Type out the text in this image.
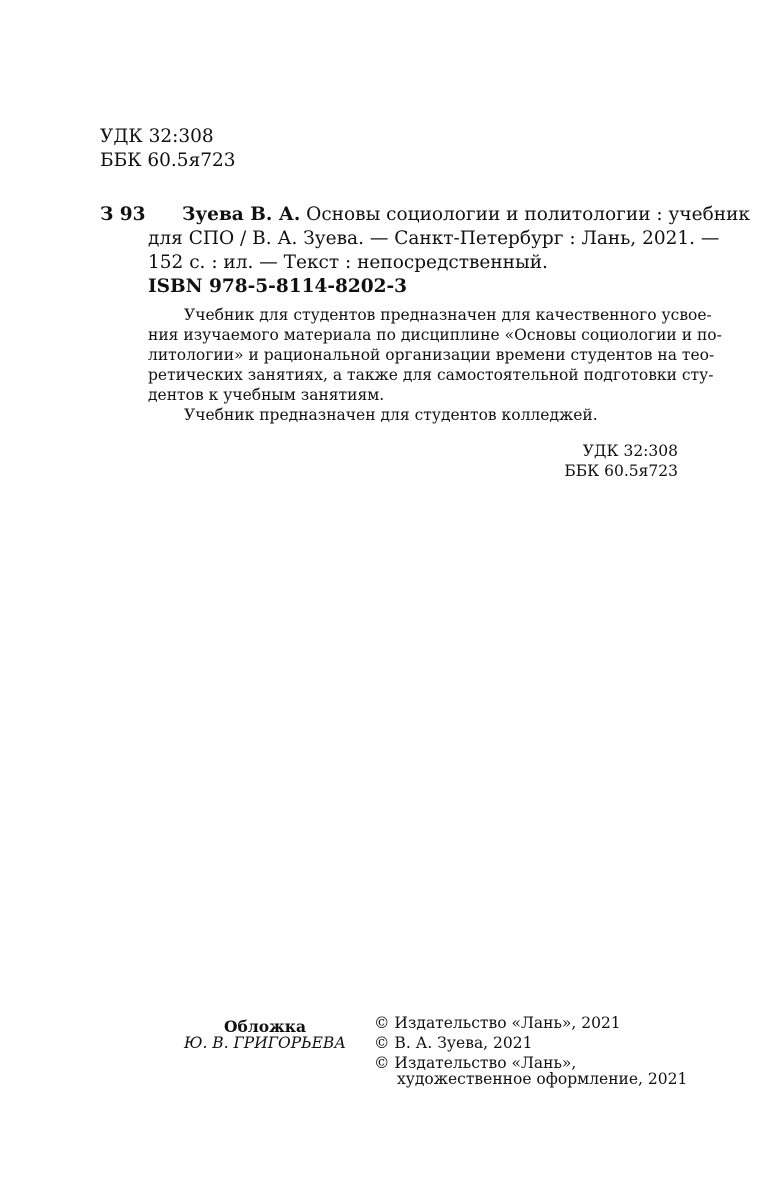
УДК 32:308
ББК 60.5я723
З 93 Зуева В. А. Основы социологии и политологии : учебник
для СПО / В. А. Зуева. — Санкт-Петербург : Лань, 2021. —
152 с. : ил. — Текст : непосредственный.
ISBN 978-5-8114-8202-3
Учебник для студентов предназначен для качественного усвое-
ния изучаемого материала по дисциплине «Основы социологии и по-
литологии» и рациональной организации времени студентов на тео-
ретических занятиях, а также для самостоятельной подготовки сту-
дентов к учебным занятиям.
Учебник предназначен для студентов колледжей.
УДК 32:308
ББК 60.5я723
Обложка
Ю. В. ГРИГОРЬЕВА
© Издательство «Лань», 2021
© В. А. Зуева, 2021
© Издательство «Лань»,
художественное оформление, 2021
